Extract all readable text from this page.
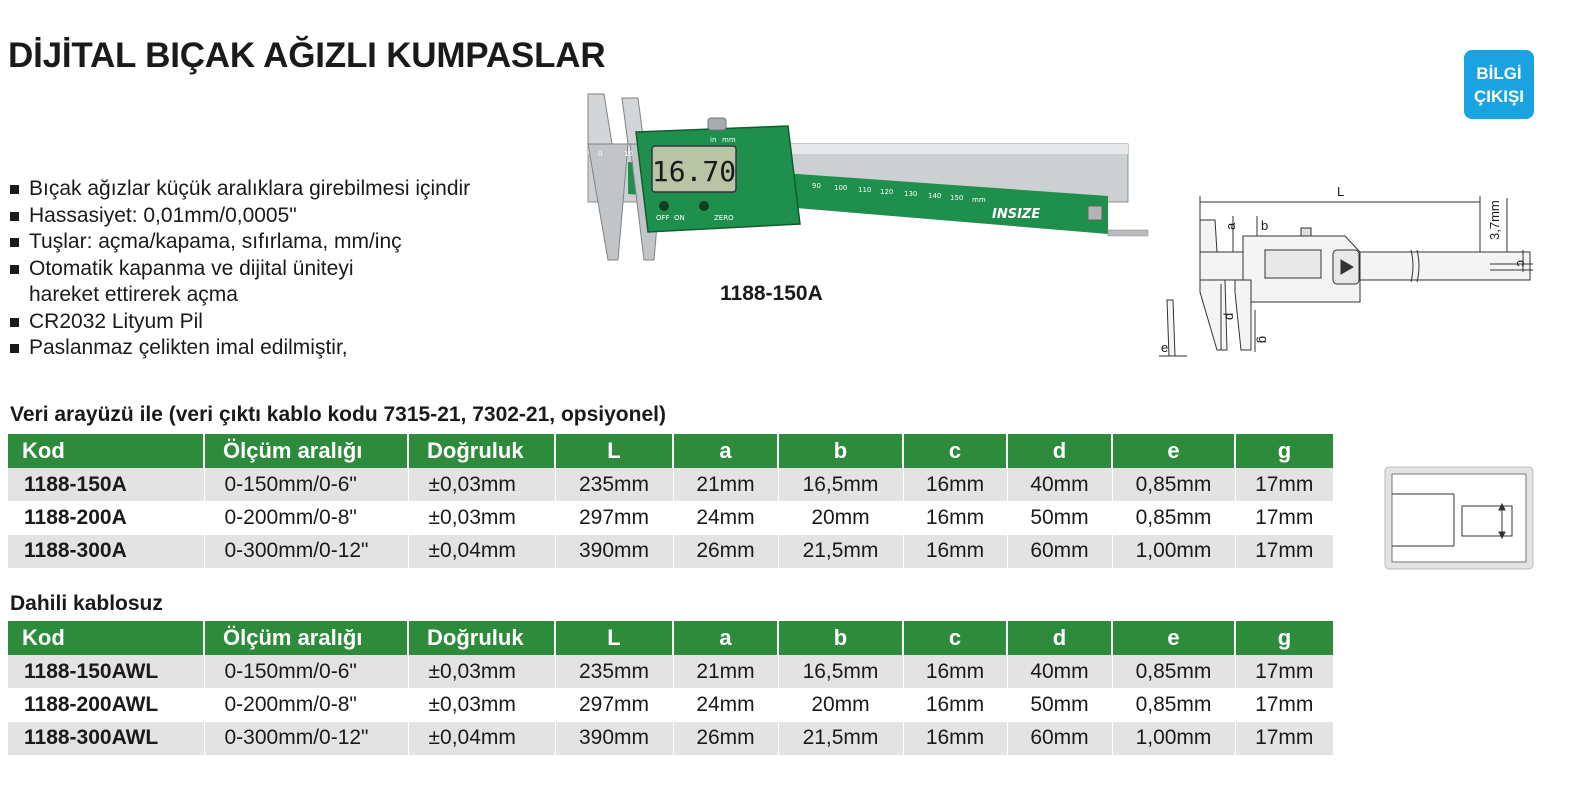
DİJİTAL BIÇAK AĞIZLI KUMPASLAR	BİLGİ
ÇIKIŞI
Bıçak ağızlar küçük aralıklara girebilmesi içindir
Hassasiyet: 0,01mm/0,0005"
Tuşlar: açma/kapama, sıfırlama, mm/inç
Otomatik kapanma ve dijital üniteyi
hareket ettirerek açma
CR2032 Lityum Pil
Paslanmaz çelikten imal edilmiştir,
16.70
OFF ON	ZERO
in mm
0	10
90 100 110 120 130 140 150 mm
INSIZE
1188-150A
L
a b
c
d
e
g
3,7mm
Veri arayüzü ile (veri çıktı kablo kodu 7315-21, 7302-21, opsiyonel)
Kod	Ölçüm aralığı	Doğruluk	L	a	b	c	d	e	g
1188-150A	0-150mm/0-6"	±0,03mm	235mm	21mm	16,5mm	16mm	40mm	0,85mm	17mm
1188-200A	0-200mm/0-8"	±0,03mm	297mm	24mm	20mm	16mm	50mm	0,85mm	17mm
1188-300A	0-300mm/0-12"	±0,04mm	390mm	26mm	21,5mm	16mm	60mm	1,00mm	17mm
Dahili kablosuz
Kod	Ölçüm aralığı	Doğruluk	L	a	b	c	d	e	g
1188-150AWL	0-150mm/0-6"	±0,03mm	235mm	21mm	16,5mm	16mm	40mm	0,85mm	17mm
1188-200AWL	0-200mm/0-8"	±0,03mm	297mm	24mm	20mm	16mm	50mm	0,85mm	17mm
1188-300AWL	0-300mm/0-12"	±0,04mm	390mm	26mm	21,5mm	16mm	60mm	1,00mm	17mm
